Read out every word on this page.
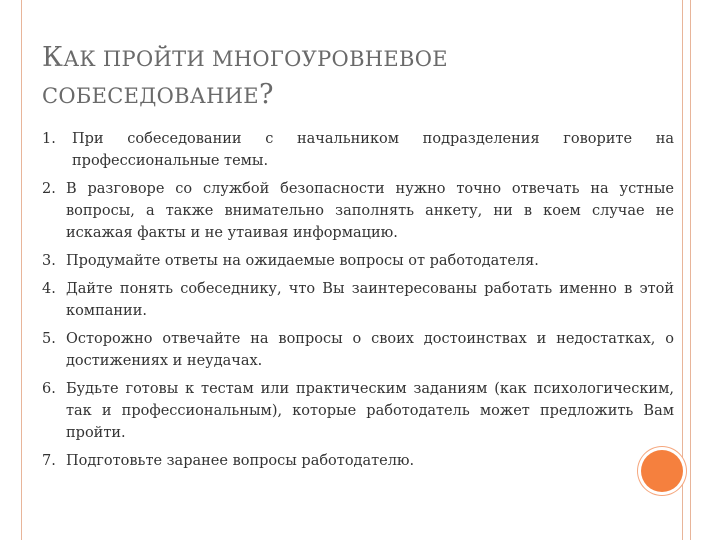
КАК ПРОЙТИ МНОГОУРОВНЕВОЕ
СОБЕСЕДОВАНИЕ?
1. При собеседовании с начальником подразделения говорите на профессиональные темы.
2. В разговоре со службой безопасности нужно точно отвечать на устные вопросы, а также внимательно заполнять анкету, ни в коем случае не искажая факты и не утаивая информацию.
3. Продумайте ответы на ожидаемые вопросы от работодателя.
4. Дайте понять собеседнику, что Вы заинтересованы работать именно в этой компании.
5. Осторожно отвечайте на вопросы о своих достоинствах и недостатках, о достижениях и неудачах.
6. Будьте готовы к тестам или практическим заданиям (как психологическим, так и профессиональным), которые работодатель может предложить Вам пройти.
7. Подготовьте заранее вопросы работодателю.
